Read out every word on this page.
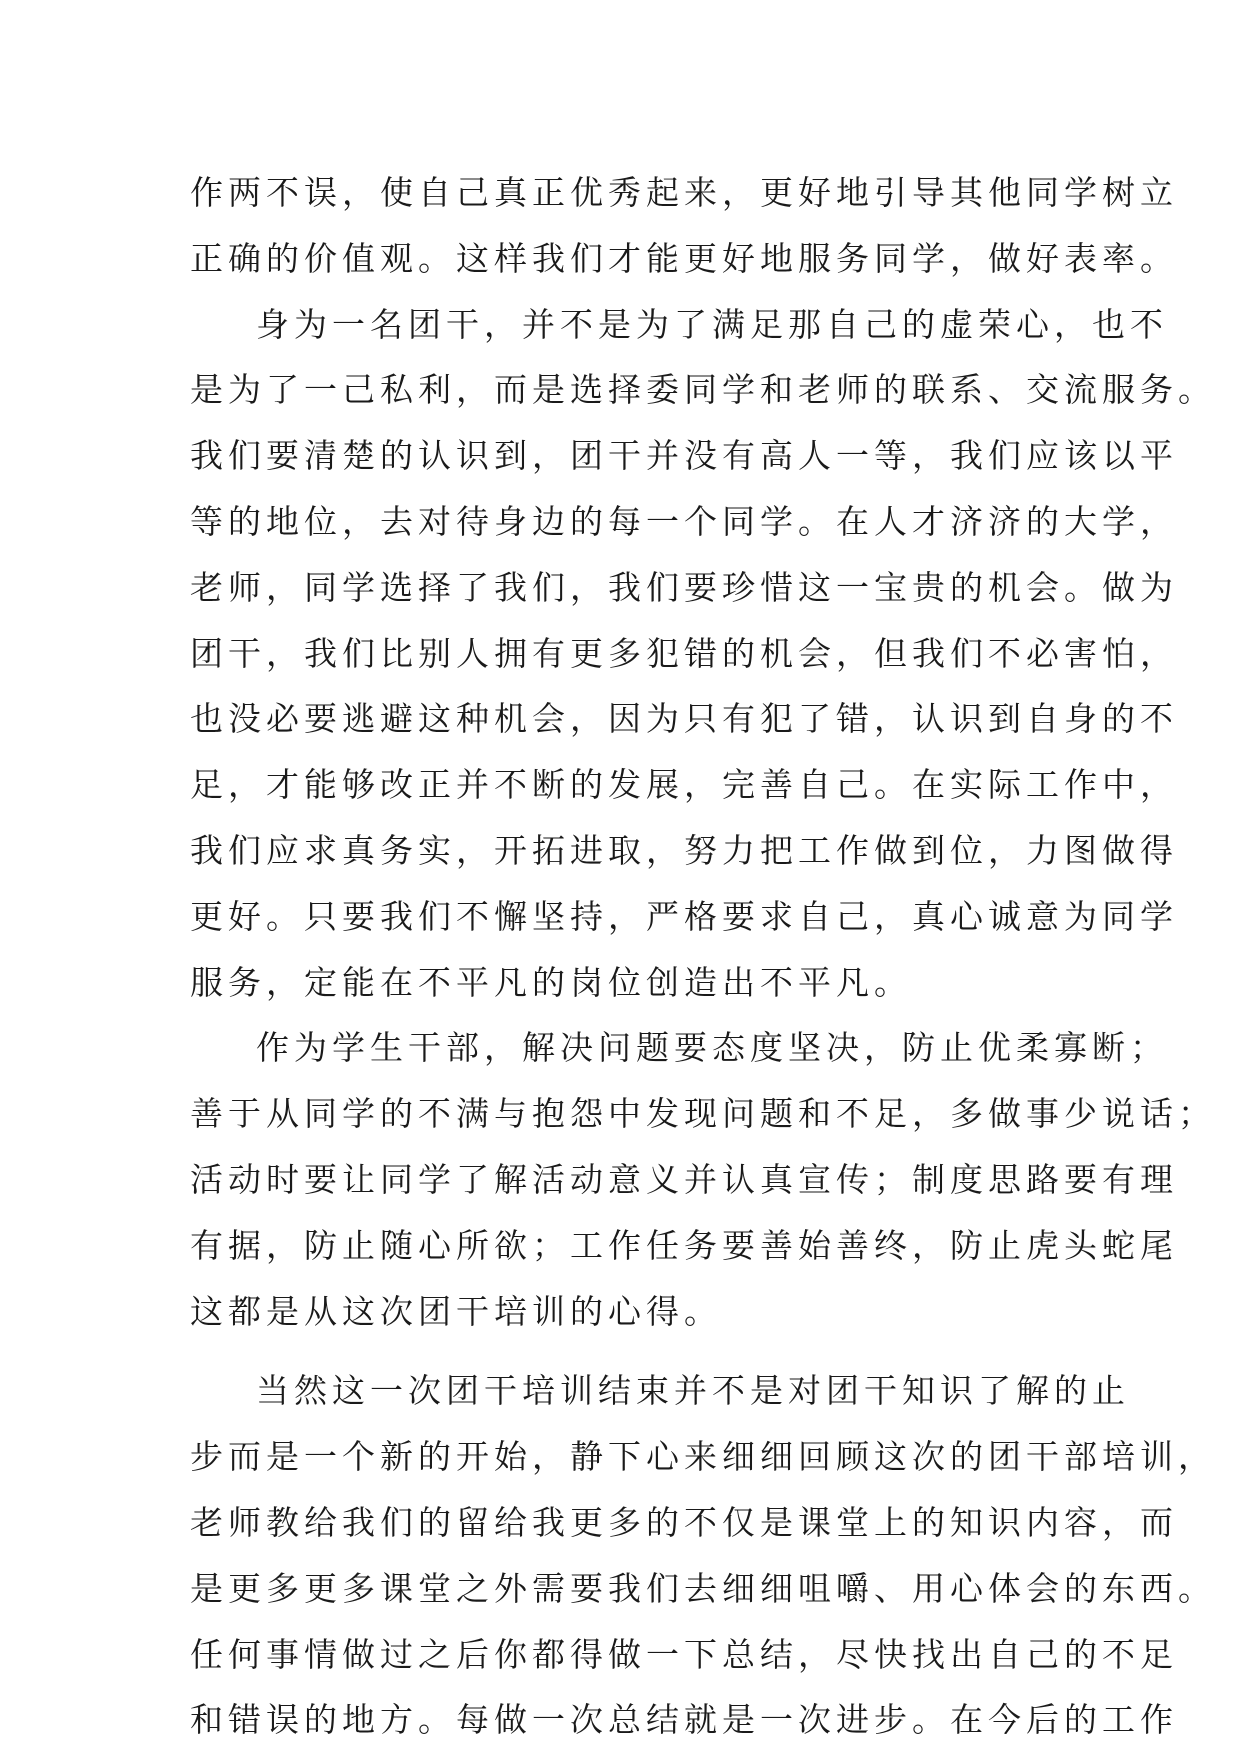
作两不误，使自己真正优秀起来，更好地引导其他同学树立
正确的价值观。这样我们才能更好地服务同学，做好表率。
身为一名团干，并不是为了满足那自己的虚荣心，也不
是为了一己私利，而是选择委同学和老师的联系、交流服务。
我们要清楚的认识到，团干并没有高人一等，我们应该以平
等的地位，去对待身边的每一个同学。在人才济济的大学，
老师，同学选择了我们，我们要珍惜这一宝贵的机会。做为
团干，我们比别人拥有更多犯错的机会，但我们不必害怕，
也没必要逃避这种机会，因为只有犯了错，认识到自身的不
足，才能够改正并不断的发展，完善自己。在实际工作中，
我们应求真务实，开拓进取，努力把工作做到位，力图做得
更好。只要我们不懈坚持，严格要求自己，真心诚意为同学
服务，定能在不平凡的岗位创造出不平凡。
作为学生干部，解决问题要态度坚决，防止优柔寡断；
善于从同学的不满与抱怨中发现问题和不足，多做事少说话；
活动时要让同学了解活动意义并认真宣传；制度思路要有理
有据，防止随心所欲；工作任务要善始善终，防止虎头蛇尾
这都是从这次团干培训的心得。
当然这一次团干培训结束并不是对团干知识了解的止
步而是一个新的开始，静下心来细细回顾这次的团干部培训，
老师教给我们的留给我更多的不仅是课堂上的知识内容，而
是更多更多课堂之外需要我们去细细咀嚼、用心体会的东西。
任何事情做过之后你都得做一下总结，尽快找出自己的不足
和错误的地方。每做一次总结就是一次进步。在今后的工作
